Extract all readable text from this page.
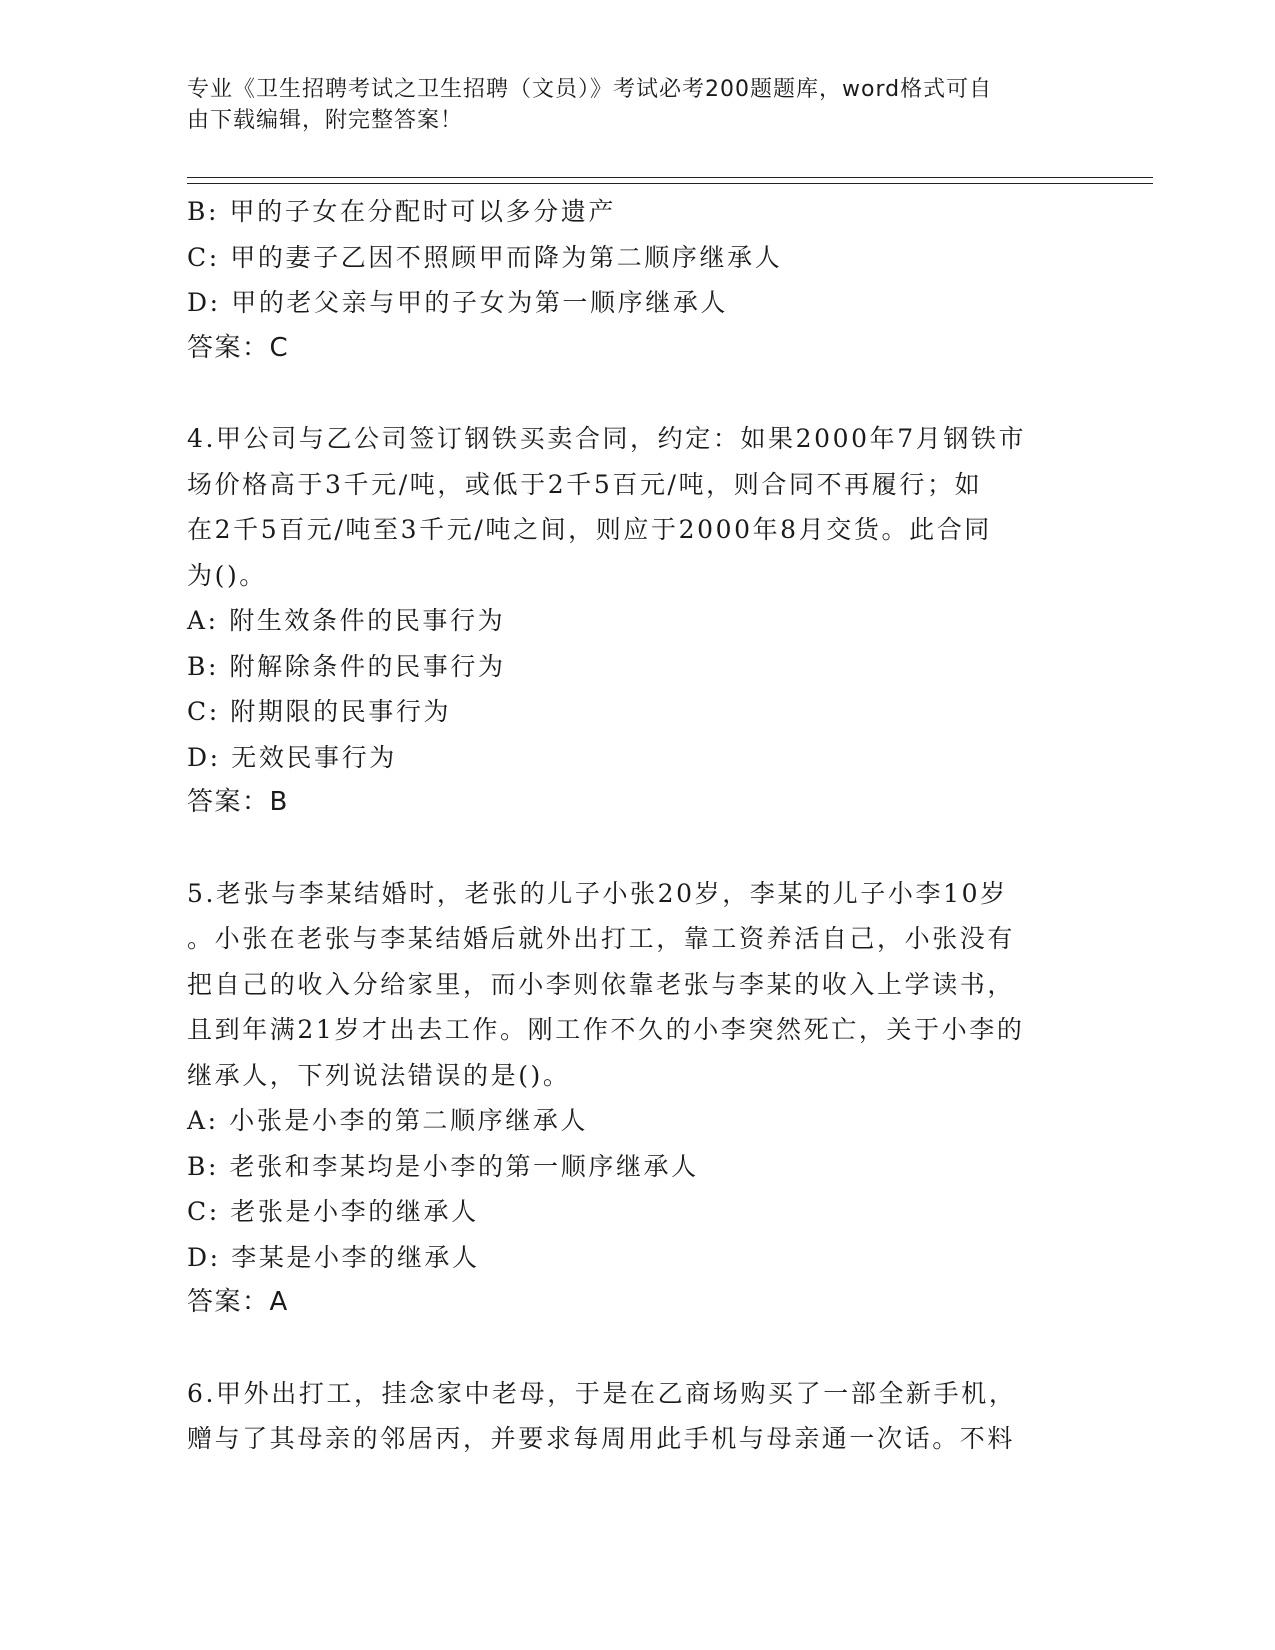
专业《卫生招聘考试之卫生招聘（文员）》考试必考200题题库，word格式可自
由下载编辑，附完整答案！
B: 甲的子女在分配时可以多分遗产
C: 甲的妻子乙因不照顾甲而降为第二顺序继承人
D: 甲的老父亲与甲的子女为第一顺序继承人
答案：C
4.甲公司与乙公司签订钢铁买卖合同，约定：如果2000年7月钢铁市
场价格高于3千元/吨，或低于2千5百元/吨，则合同不再履行；如
在2千5百元/吨至3千元/吨之间，则应于2000年8月交货。此合同
为()。
A: 附生效条件的民事行为
B: 附解除条件的民事行为
C: 附期限的民事行为
D: 无效民事行为
答案：B
5.老张与李某结婚时，老张的儿子小张20岁，李某的儿子小李10岁
。小张在老张与李某结婚后就外出打工，靠工资养活自己，小张没有
把自己的收入分给家里，而小李则依靠老张与李某的收入上学读书，
且到年满21岁才出去工作。刚工作不久的小李突然死亡，关于小李的
继承人，下列说法错误的是()。
A: 小张是小李的第二顺序继承人
B: 老张和李某均是小李的第一顺序继承人
C: 老张是小李的继承人
D: 李某是小李的继承人
答案：A
6.甲外出打工，挂念家中老母，于是在乙商场购买了一部全新手机，
赠与了其母亲的邻居丙，并要求每周用此手机与母亲通一次话。不料
